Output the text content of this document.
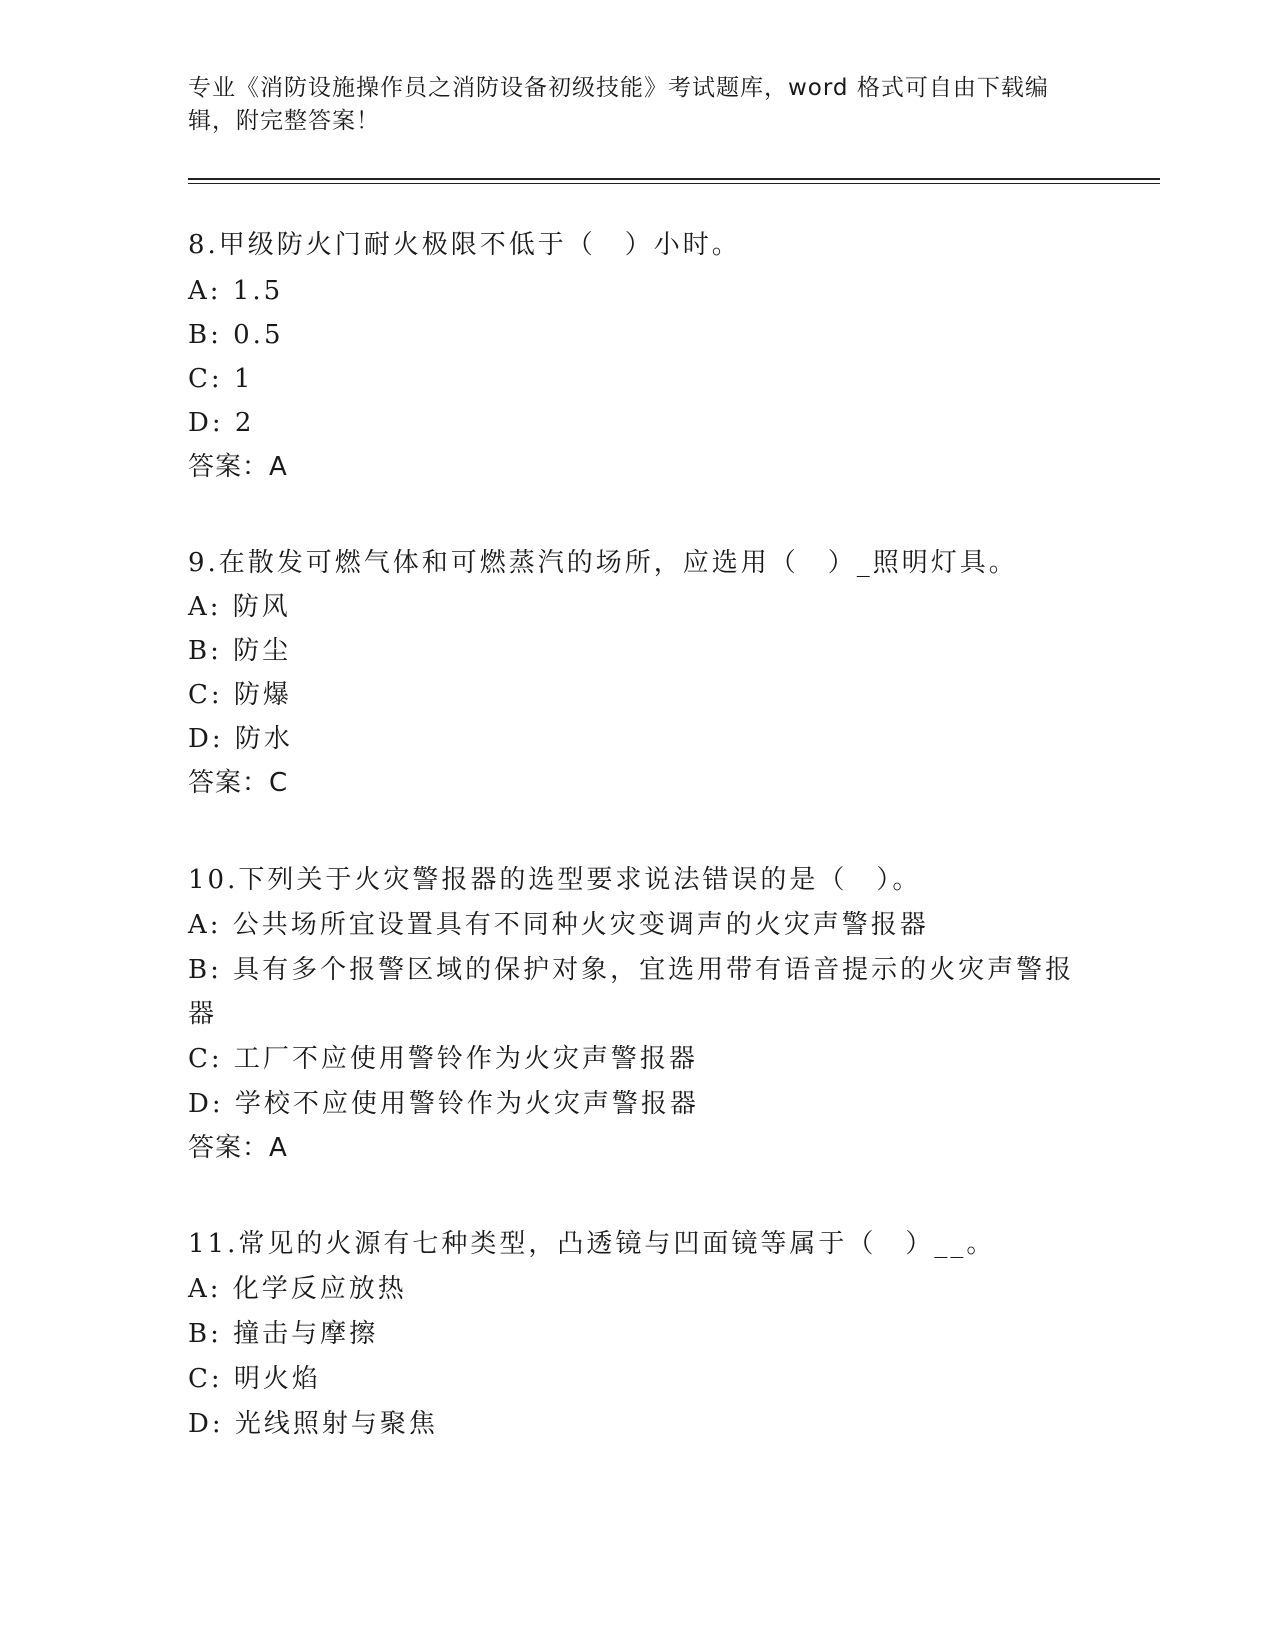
专业《消防设施操作员之消防设备初级技能》考试题库，word 格式可自由下载编
辑，附完整答案！
8.甲级防火门耐火极限不低于（　）小时。
A: 1.5
B: 0.5
C: 1
D: 2
答案：A
9.在散发可燃气体和可燃蒸汽的场所，应选用（　）_照明灯具。
A: 防风
B: 防尘
C: 防爆
D: 防水
答案：C
10.下列关于火灾警报器的选型要求说法错误的是（　）。
A: 公共场所宜设置具有不同种火灾变调声的火灾声警报器
B: 具有多个报警区域的保护对象，宜选用带有语音提示的火灾声警报器
C: 工厂不应使用警铃作为火灾声警报器
D: 学校不应使用警铃作为火灾声警报器
答案：A
11.常见的火源有七种类型，凸透镜与凹面镜等属于（　）__。
A: 化学反应放热
B: 撞击与摩擦
C: 明火焰
D: 光线照射与聚焦
